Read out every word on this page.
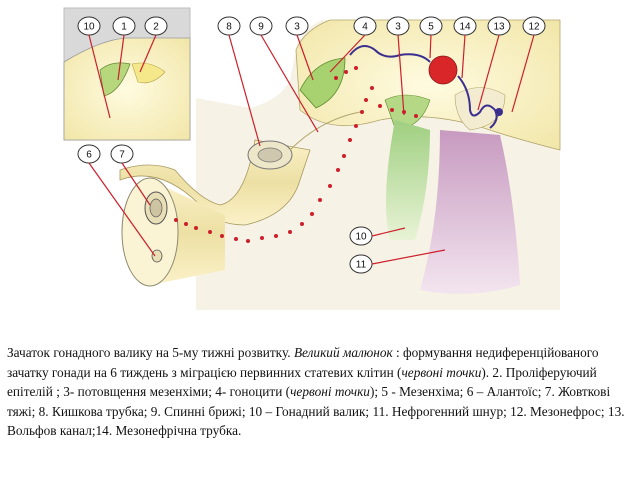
10	1	2	8	9	3	4	3	5	14 13 12
6	7
10
11
Зачаток гонадного валику на 5-му тижні розвитку. Великий малюнок : формування недиференційованого зачатку гонади на 6 тиждень з міграцією первинних статевих клітин (червоні точки). 2. Проліферуючий епітелій ; 3- потовщення мезенхіми; 4- гоноцити (червоні точки); 5 - Мезенхіма; 6 – Алантоїс; 7. Жовткові тяжі; 8. Кишкова трубка; 9. Спинні брижі; 10 – Гонадний валик; 11. Нефрогенний шнур; 12. Мезонефрос; 13. Вольфов канал;14. Мезонефрічна трубка.
